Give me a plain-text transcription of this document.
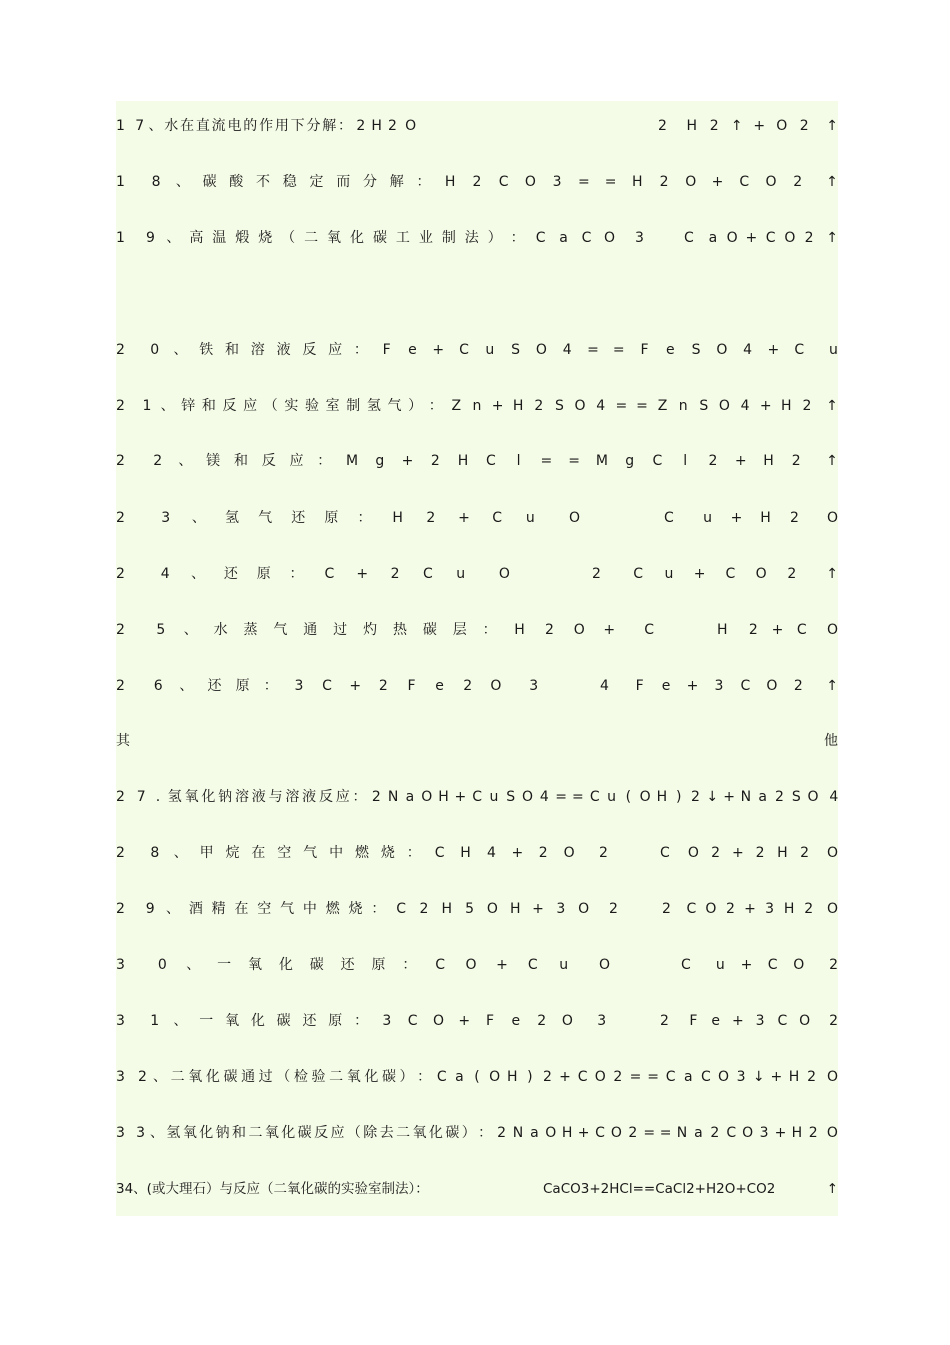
1 7 、 水 在 直 流 电 的 作 用 下 分 解 ： 2 H 2 O	2	H 2 ↑ + O 2	↑
1	8	、 碳 酸 不 稳 定 而 分 解 ：	H	2	C	O	3	=	=	H	2	O	+	C	O	2	↑
1	9 、 高 温 煅 烧 （ 二 氧 化 碳 工 业 制 法 ） ： C a C O	3	C	a O + C O 2 ↑
2	0	、 铁 和 溶 液 反 应 ：	F	e	+	C	u	S	O	4	=	=	F	e	S	O	4	+	C	u
2	1 、 锌 和 反 应 （ 实 验 室 制 氢 气 ） ： Z n + H 2 S O 4 = = Z n S O 4 + H 2	↑
2	2	、 镁 和 反 应 ：	M	g	+	2	H	C	l	=	=	M	g	C	l	2	+	H	2	↑
2	3	、	氢	气	还	原	：	H	2	+	C	u	O	C	u	+	H	2	O
2	4	、	还	原	：	C	+	2	C	u	O	2	C	u	+	C	O	2	↑
2	5	、	水	蒸	气	通	过	灼	热	碳	层	：	H	2	O	+	C	H	2 + C	O
2	6	、	还	原	：	3	C	+	2	F	e	2	O	3	4	F	e	+	3	C	O	2	↑
其	他
2 7 . 氢 氧 化 钠 溶 液 与 溶 液 反 应 ： 2 N a O H + C u S O 4 = = C u ( O H ) 2 ↓ + N a 2 S O 4
2	8	、 甲 烷 在 空 气 中 燃 烧 ：	C	H	4	+	2	O	2	C	O 2 + 2 H 2	O
2	9 、 酒 精 在 空 气 中 燃 烧 ： C 2 H 5 O H + 3 O	2	2	C O 2 + 3 H 2 O
3	0	、	一	氧	化	碳	还	原	：	C	O	+	C	u	O	C	u	+	C	O	2
3	1	、 一 氧 化 碳 还 原 ：	3	C	O	+	F	e	2	O	3	2	F e + 3 C O	2
3 2 、 二 氧 化 碳 通 过 （ 检 验 二 氧 化 碳 ） ： C a ( O H ) 2 + C O 2 = = C a C O 3 ↓ + H 2 O
3 3 、 氢 氧 化 钠 和 二 氧 化 碳 反 应 （ 除 去 二 氧 化 碳 ） ： 2 N a O H + C O 2 = = N a 2 C O 3 + H 2 O
34、(或大理石）与反应（二氧化碳的实验室制法）：	CaCO3+2HCl==CaCl2+H2O+CO2	↑
